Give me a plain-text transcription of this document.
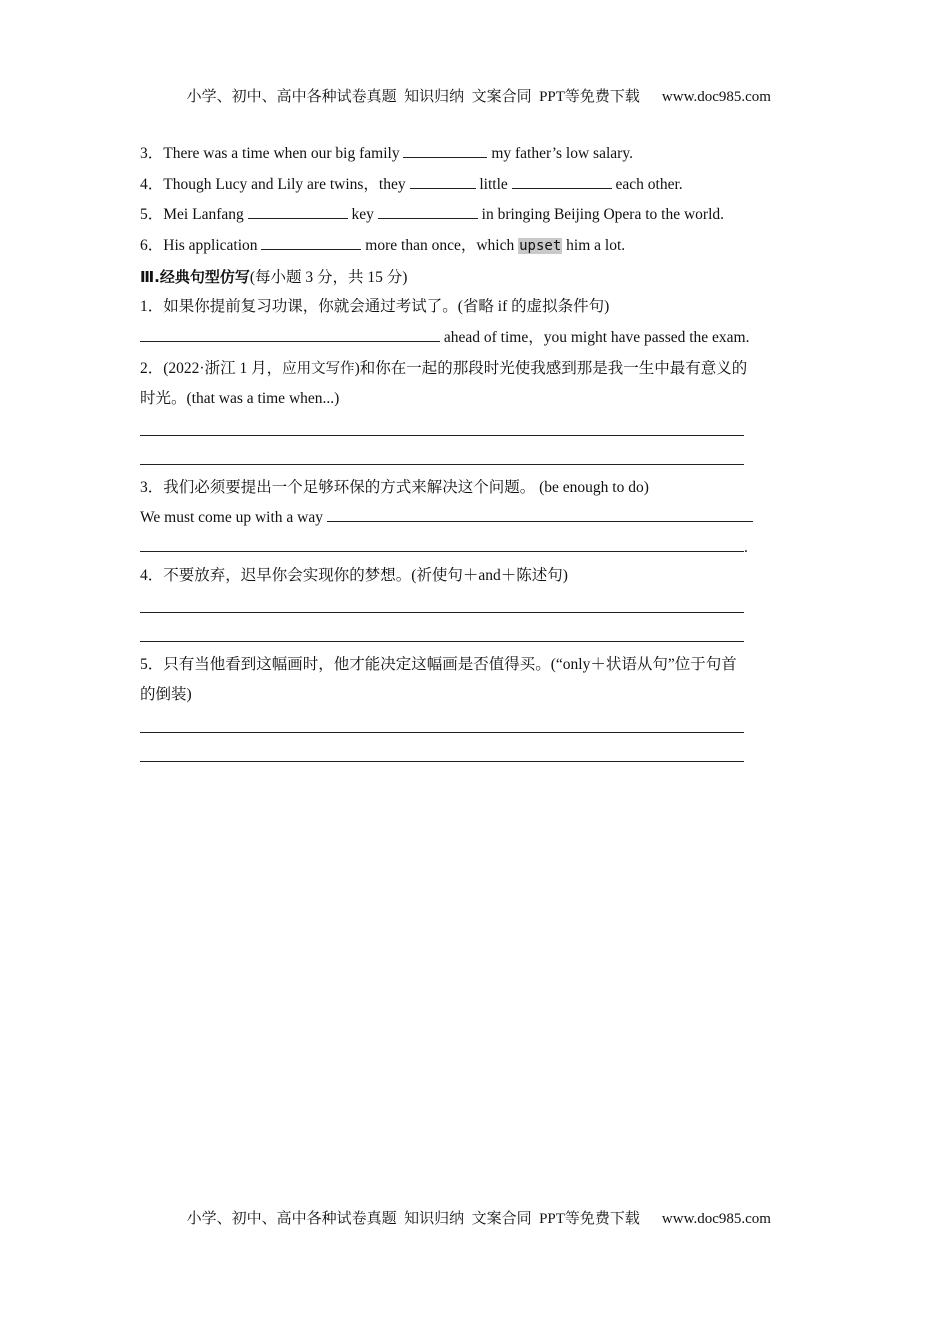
小学、初中、高中各种试卷真题  知识归纳  文案合同  PPT等免费下载 www.doc985.com

3．There was a time when our big family	my father’s low salary.
4．Though Lucy and Lily are twins，they	little	each other.
5．Mei Lanfang	key	in bringing Beijing Opera to the world.
6．His application	more than once，which upset him a lot.
Ⅲ.经典句型仿写(每小题 3 分，共 15 分)
1．如果你提前复习功课，你就会通过考试了。(省略 if 的虚拟条件句)
ahead of time，you might have passed the exam.
2．(2022·浙江 1 月，应用文写作)和你在一起的那段时光使我感到那是我一生中最有意义的
时光。(that was a time when...)
3．我们必须要提出一个足够环保的方式来解决这个问题。 (be enough to do)
We must come up with a way
.
4．不要放弃，迟早你会实现你的梦想。(祈使句＋and＋陈述句)
5．只有当他看到这幅画时，他才能决定这幅画是否值得买。(“only＋状语从句”位于句首
的倒装)

小学、初中、高中各种试卷真题  知识归纳  文案合同  PPT等免费下载 www.doc985.com
